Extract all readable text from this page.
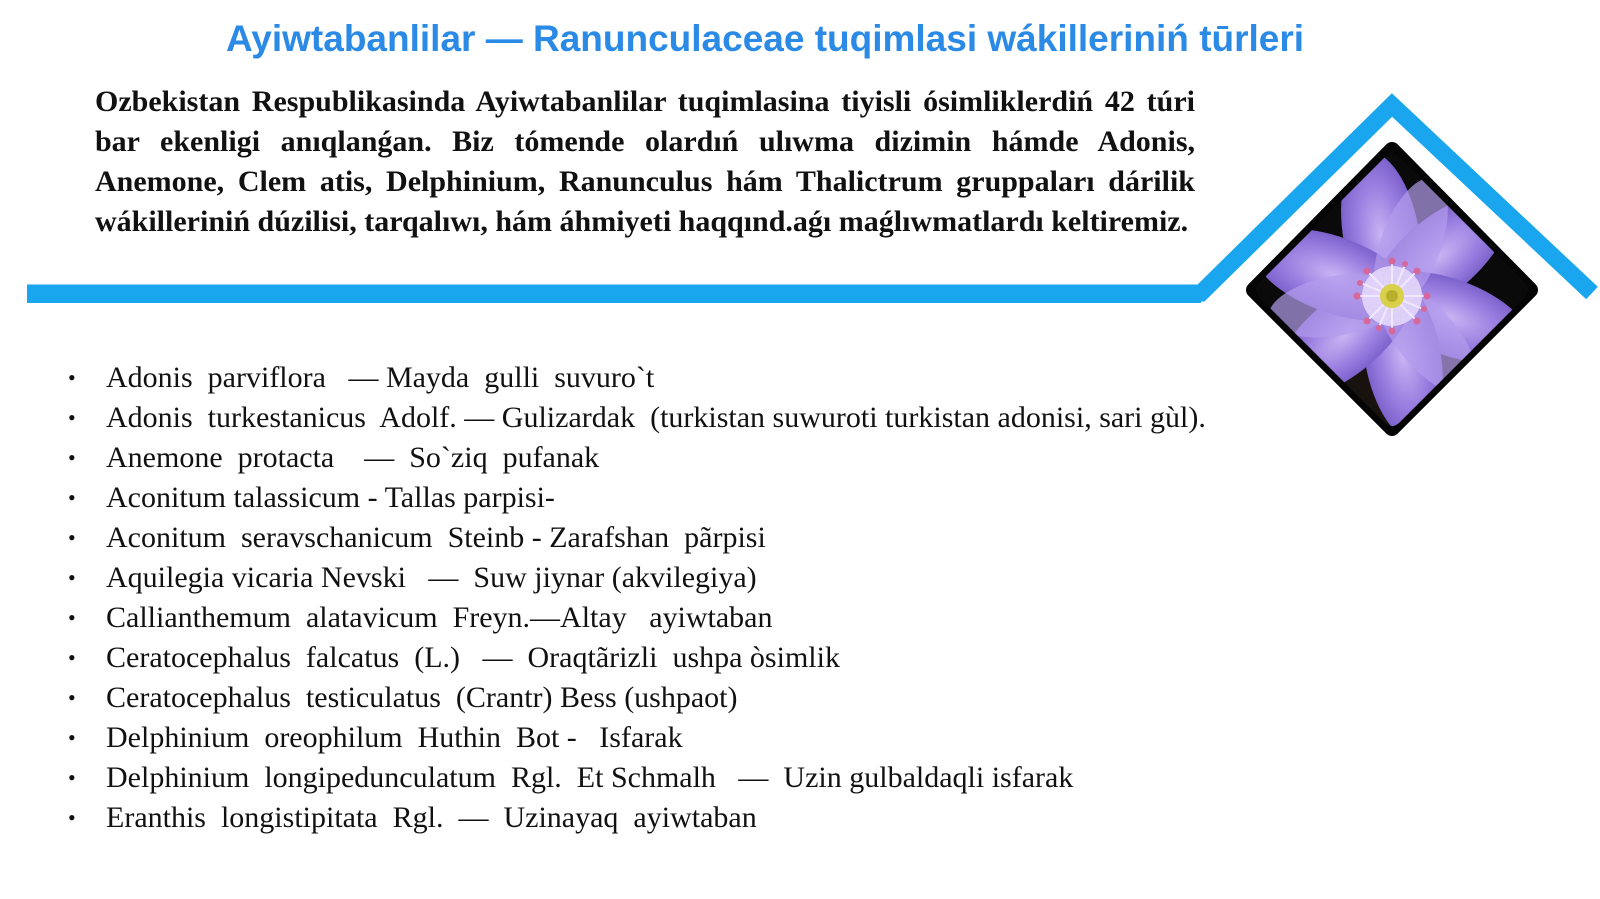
Ayiwtabanlilar — Ranunculaceae tuqimlasi wákilleriniń tūrleri

Ozbekistan Respublikasinda Ayiwtabanlilar tuqimlasina tiyisli ósimliklerdiń 42 túri bar ekenligi anıqlanǵan. Biz tómende olardıń ulıwma dizimin hámde Adonis, Anemone, Clem atis, Delphinium, Ranunculus hám Thalictrum gruppaları dárilik wákilleriniń dúzilisi, tarqalıwı, hám áhmiyeti haqqınd.aǵı maǵlıwmatlardı keltiremiz.

•	Adonis  parviflora   — Mayda  gulli  suvuro`t
•	Adonis  turkestanicus  Adolf. — Gulizardak  (turkistan suwuroti turkistan adonisi, sari gùl).
•	Anemone  protacta    —  So`ziq  pufanak
•	Aconitum talassicum - Tallas parpisi-
•	Aconitum  seravschanicum  Steinb - Zarafshan  pãrpisi
•	Aquilegia vicaria Nevski   —  Suw jiynar (akvilegiya)
•	Callianthemum  alatavicum  Freyn.—Altay   ayiwtaban
•	Ceratocephalus  falcatus  (L.)   —  Oraqtãrizli  ushpa òsimlik
•	Ceratocephalus  testiculatus  (Crantr) Bess (ushpaot)
•	Delphinium  oreophilum  Huthin  Bot -   Isfarak
•	Delphinium  longipedunculatum  Rgl.  Et Schmalh   —  Uzin gulbaldaqli isfarak
•	Eranthis  longistipitata  Rgl.  —  Uzinayaq  ayiwtaban
